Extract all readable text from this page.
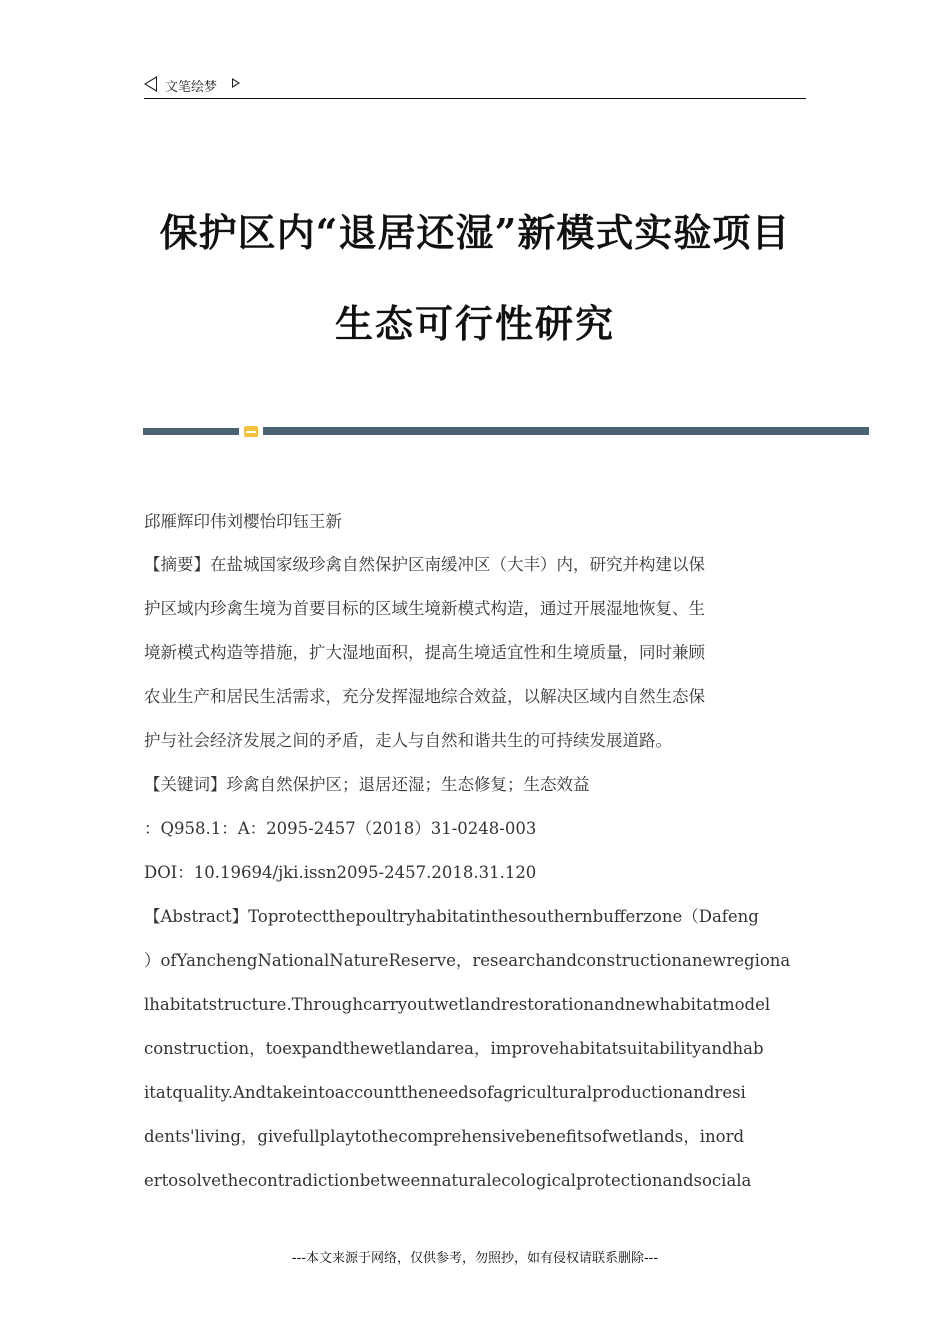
文笔绘梦
保护区内“退居还湿”新模式实验项目
生态可行性研究
邱雁辉印伟刘樱怡印钰王新
【摘要】在盐城国家级珍禽自然保护区南缓冲区（大丰）内，研究并构建以保
护区域内珍禽生境为首要目标的区域生境新模式构造，通过开展湿地恢复、生
境新模式构造等措施，扩大湿地面积，提高生境适宜性和生境质量，同时兼顾
农业生产和居民生活需求，充分发挥湿地综合效益，以解决区域内自然生态保
护与社会经济发展之间的矛盾，走人与自然和谐共生的可持续发展道路。
【关键词】珍禽自然保护区；退居还湿；生态修复；生态效益
：Q958.1：A：2095-2457（2018）31-0248-003
DOI：10.19694/jki.issn2095-2457.2018.31.120
【Abstract】Toprotectthepoultryhabitatinthesouthernbufferzone（Dafeng
）ofYanchengNationalNatureReserve，researchandconstructionanewregiona
lhabitatstructure.Throughcarryoutwetlandrestorationandnewhabitatmodel
construction，toexpandthewetlandarea，improvehabitatsuitabilityandhab
itatquality.Andtakeintoaccounttheneedsofagriculturalproductionandresi
dents'living，givefullplaytothecomprehensivebenefitsofwetlands，inord
ertosolvethecontradictionbetweennaturalecologicalprotectionandsociala
---本文来源于网络，仅供参考，勿照抄，如有侵权请联系删除---
